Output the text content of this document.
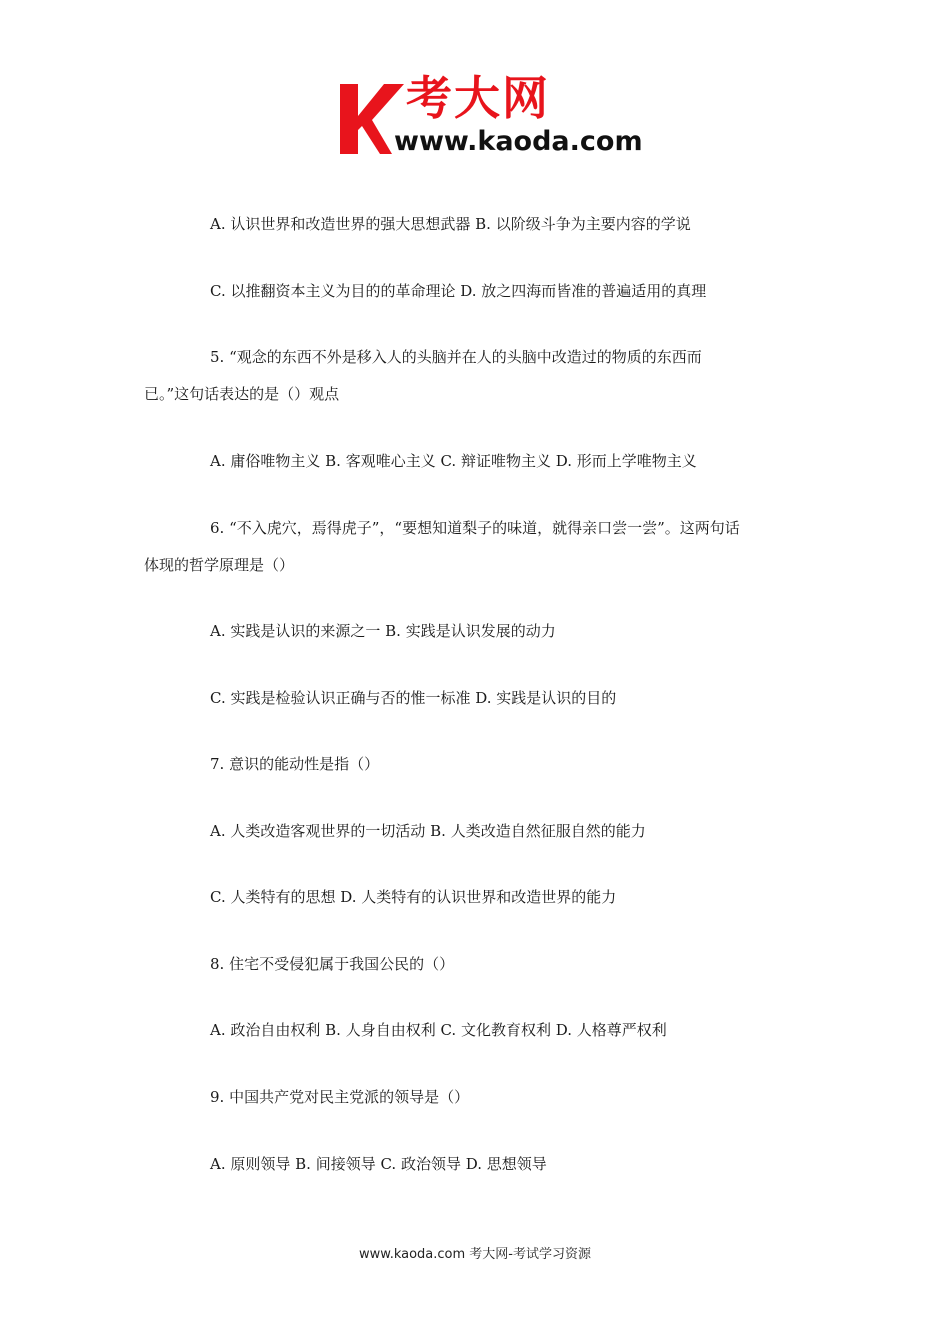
考大网
www.kaoda.com
A. 认识世界和改造世界的强大思想武器 B. 以阶级斗争为主要内容的学说
C. 以推翻资本主义为目的的革命理论 D. 放之四海而皆准的普遍适用的真理
5. “观念的东西不外是移入人的头脑并在人的头脑中改造过的物质的东西而
已。”这句话表达的是（）观点
A. 庸俗唯物主义 B. 客观唯心主义 C. 辩证唯物主义 D. 形而上学唯物主义
6. “不入虎穴，焉得虎子”，“要想知道梨子的味道，就得亲口尝一尝”。这两句话
体现的哲学原理是（）
A. 实践是认识的来源之一 B. 实践是认识发展的动力
C. 实践是检验认识正确与否的惟一标准 D. 实践是认识的目的
7. 意识的能动性是指（）
A. 人类改造客观世界的一切活动 B. 人类改造自然征服自然的能力
C. 人类特有的思想 D. 人类特有的认识世界和改造世界的能力
8. 住宅不受侵犯属于我国公民的（）
A. 政治自由权利 B. 人身自由权利 C. 文化教育权利 D. 人格尊严权利
9. 中国共产党对民主党派的领导是（）
A. 原则领导 B. 间接领导 C. 政治领导 D. 思想领导
www.kaoda.com 考大网-考试学习资源
